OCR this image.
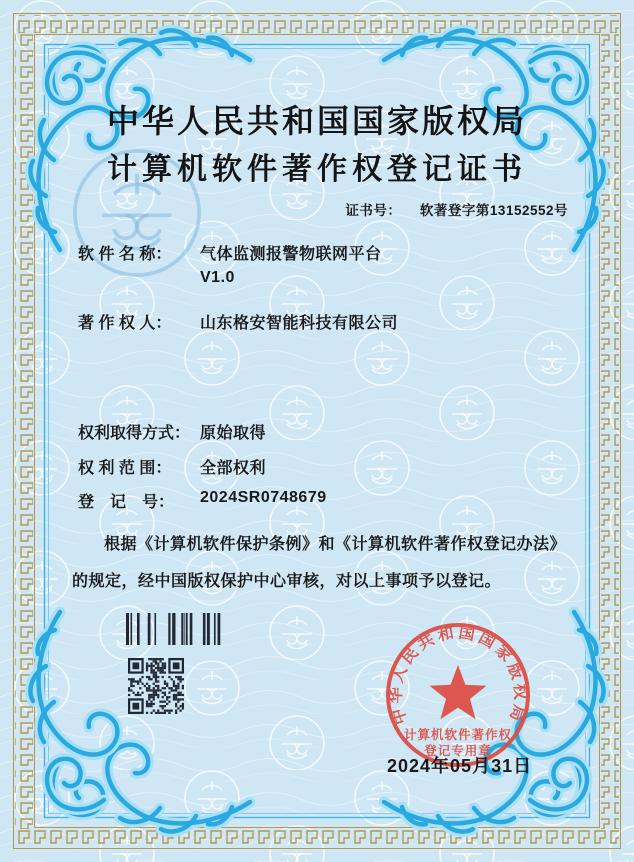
中华人民共和国国家版权局
计算机软件著作权登记证书
证书号： 软著登字第13152552号
软 件 名 称：	气体监测报警物联网平台
V1.0
著 作 权 人：	山东格安智能科技有限公司
权利取得方式： 原始取得
权 利 范 围：	全部权利
登　记　号：	2024SR0748679
根据《计算机软件保护条例》和《计算机软件著作权登记办法》的规定，经中国版权保护中心审核，对以上事项予以登记。
中华人民共和国国家版权局
计算机软件著作权
登记专用章
2024年05月31日
